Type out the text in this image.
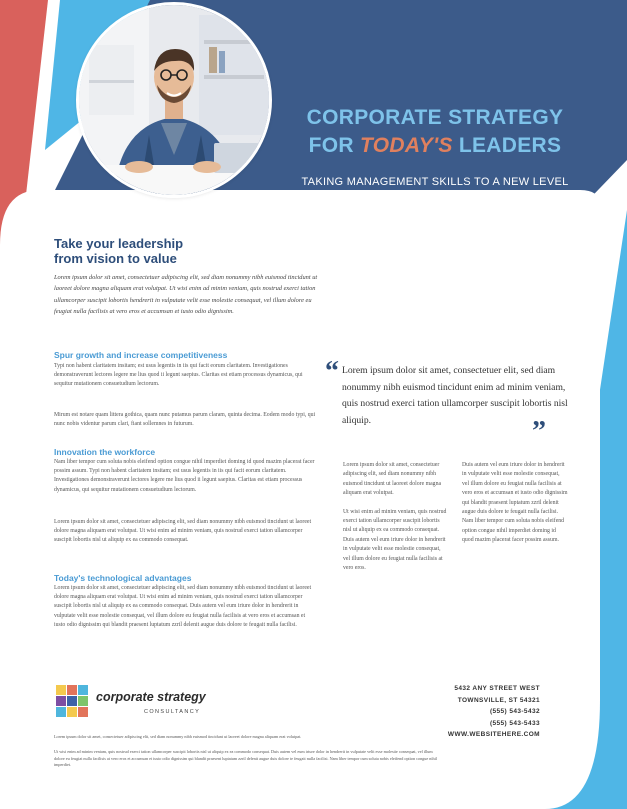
CORPORATE STRATEGY
FOR TODAY'S LEADERS
TAKING MANAGEMENT SKILLS TO A NEW LEVEL
Take your leadership
from vision to value
Lorem ipsum dolor sit amet, consectetuer adipiscing elit, sed diam nonummy nibh euismod tincidunt ut laoreet dolore magna aliquam erat volutpat. Ut wisi enim ad minim veniam, quis nostrud exerci tation ullamcorper suscipit lobortis hendrerit in vulputate velit esse molestie consequat, vel illum dolore eu feugiat nulla facilisis at vero eros et accumsan et iusto odio dignissim.
Spur growth and increase competitiveness
Typi non habent claritatem insitam; est usus legentis in iis qui facit eorum claritatem. Investigationes demonstraverunt lectores legere me lius quod ii legunt saepius. Claritas est etiam processus dynamicus, qui sequitur mutationem consuetudium lectorum.
Mirum est notare quam littera gothica, quam nunc putamus parum claram, quinta decima. Eodem modo typi, qui nunc nobis videntur parum clari, fiant sollemnes in futurum.
Innovation the workforce
Nam liber tempor cum soluta nobis eleifend option congue nihil imperdiet doming id quod mazim placerat facer possim assum. Typi non habent claritatem insitam; est usus legentis in iis qui facit eorum claritatem. Investigationes demonstraverunt lectores legere me lius quod ii legunt saepius. Claritas est etiam processus dynamicus, qui sequitur mutationem consuetudium lectorum.
Lorem ipsum dolor sit amet, consectetuer adipiscing elit, sed diam nonummy nibh euismod tincidunt ut laoreet dolore magna aliquam erat volutpat. Ut wisi enim ad minim veniam, quis nostrud exerci tation ullamcorper suscipit lobortis nisl ut aliquip ex ea commodo consequat.
Today's technological advantages
Lorem ipsum dolor sit amet, consectetuer adipiscing elit, sed diam nonummy nibh euismod tincidunt ut laoreet dolore magna aliquam erat volutpat. Ut wisi enim ad minim veniam, quis nostrud exerci tation ullamcorper suscipit lobortis nisl ut aliquip ex ea commodo consequat. Duis autem vel eum iriure dolor in hendrerit in vulputate velit esse molestie consequat, vel illum dolore eu feugiat nulla facilisis at vero eros et accumsan et iusto odio dignissim qui blandit praesent luptatum zzril delenit augue duis dolore te feugait nulla facilisi.
“ Lorem ipsum dolor sit amet, consectetuer elit, sed diam nonummy nibh euismod tincidunt enim ad minim veniam, quis nostrud exerci tation ullamcorper suscipit lobortis nisl aliquip.	”

Lorem ipsum dolor sit amet, consectetuer adipiscing elit, sed diam nonummy nibh euismod tincidunt ut laoreet dolore magna aliquam erat volutpat.

Ut wisi enim ad minim veniam, quis nostrud exerci tation ullamcorper suscipit lobortis nisl ut aliquip ex ea commodo consequat. Duis autem vel eum iriure dolor in hendrerit in vulputate velit esse molestie consequat, vel illum dolore eu feugiat nulla facilisis at vero eros.

Duis autem vel eum iriure dolor in hendrerit in vulputate velit esse molestie consequat, vel illum dolore eu feugiat nulla facilisis at vero eros et accumsan et iusto odio dignissim qui blandit praesent luptatum zzril delenit augue duis dolore te feugait nulla facilisi. Nam liber tempor cum soluta nobis eleifend option congue nihil imperdiet doming id quod mazim placerat facer possim assum.

corporate strategy
CONSULTANCY
5432 ANY STREET WEST
TOWNSVILLE, ST 54321
(555) 543-5432
(555) 543-5433
WWW.WEBSITEHERE.COM
Lorem ipsum dolor sit amet, consectetuer adipiscing elit, sed diam nonummy nibh euismod tincidunt ut laoreet dolore magna aliquam erat volutpat.
Ut wisi enim ad minim veniam, quis nostrud exerci tation ullamcorper suscipit lobortis nisl ut aliquip ex ea commodo consequat. Duis autem vel eum iriure dolor in hendrerit in vulputate velit esse molestie consequat, vel illum dolore eu feugiat nulla facilisis at vero eros et accumsan et iusto odio dignissim qui blandit praesent luptatum zzril delenit augue duis dolore te feugait nulla facilisi. Nam liber tempor cum soluta nobis eleifend option congue nihil imperdiet.
